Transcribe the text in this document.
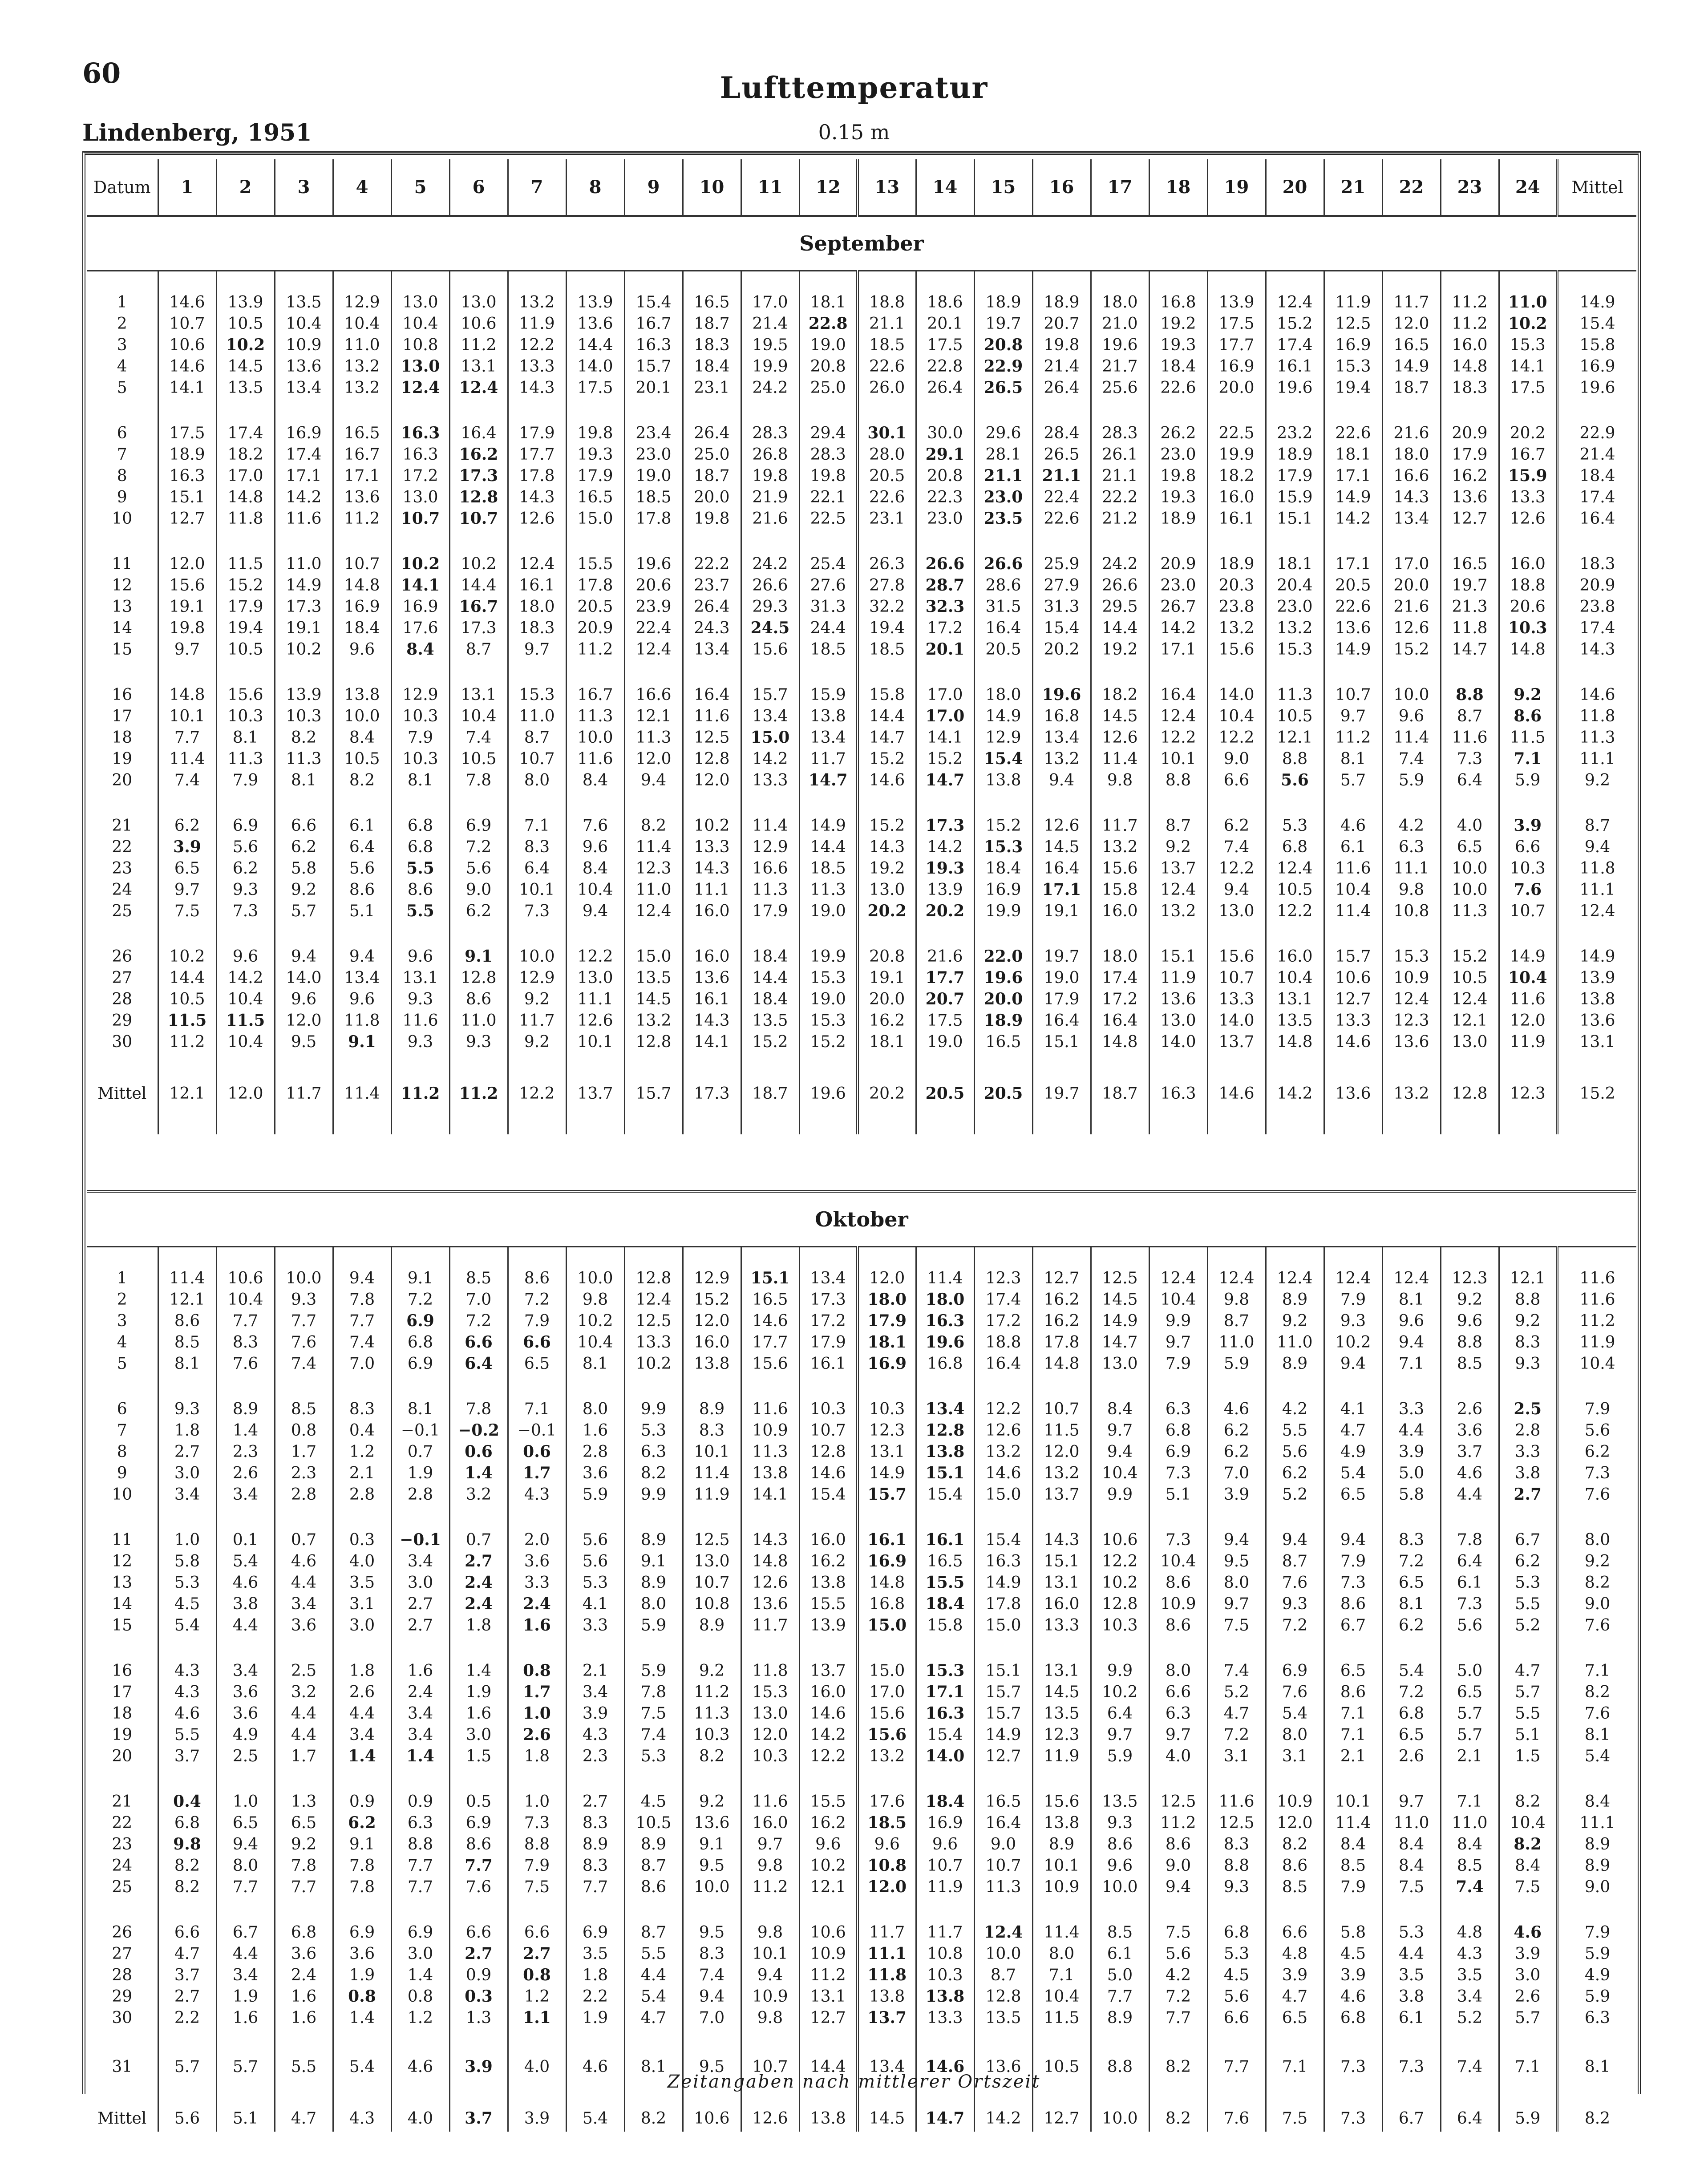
60	Lufttemperatur
Lindenberg, 1951	0.15 m
Datum	1	2	3	4	5	6	7	8	9	10	11	12	13	14	15	16	17	18	19	20	21	22	23	24	Mittel
September																									

1	14.6	13.9	13.5	12.9	13.0	13.0	13.2	13.9	15.4	16.5	17.0	18.1	18.8	18.6	18.9	18.9	18.0	16.8	13.9	12.4	11.9	11.7	11.2	11.0	14.9
2	10.7	10.5	10.4	10.4	10.4	10.6	11.9	13.6	16.7	18.7	21.4	22.8	21.1	20.1	19.7	20.7	21.0	19.2	17.5	15.2	12.5	12.0	11.2	10.2	15.4
3	10.6	10.2	10.9	11.0	10.8	11.2	12.2	14.4	16.3	18.3	19.5	19.0	18.5	17.5	20.8	19.8	19.6	19.3	17.7	17.4	16.9	16.5	16.0	15.3	15.8
4	14.6	14.5	13.6	13.2	13.0	13.1	13.3	14.0	15.7	18.4	19.9	20.8	22.6	22.8	22.9	21.4	21.7	18.4	16.9	16.1	15.3	14.9	14.8	14.1	16.9
5	14.1	13.5	13.4	13.2	12.4	12.4	14.3	17.5	20.1	23.1	24.2	25.0	26.0	26.4	26.5	26.4	25.6	22.6	20.0	19.6	19.4	18.7	18.3	17.5	19.6

6	17.5	17.4	16.9	16.5	16.3	16.4	17.9	19.8	23.4	26.4	28.3	29.4	30.1	30.0	29.6	28.4	28.3	26.2	22.5	23.2	22.6	21.6	20.9	20.2	22.9
7	18.9	18.2	17.4	16.7	16.3	16.2	17.7	19.3	23.0	25.0	26.8	28.3	28.0	29.1	28.1	26.5	26.1	23.0	19.9	18.9	18.1	18.0	17.9	16.7	21.4
8	16.3	17.0	17.1	17.1	17.2	17.3	17.8	17.9	19.0	18.7	19.8	19.8	20.5	20.8	21.1	21.1	21.1	19.8	18.2	17.9	17.1	16.6	16.2	15.9	18.4
9	15.1	14.8	14.2	13.6	13.0	12.8	14.3	16.5	18.5	20.0	21.9	22.1	22.6	22.3	23.0	22.4	22.2	19.3	16.0	15.9	14.9	14.3	13.6	13.3	17.4
10	12.7	11.8	11.6	11.2	10.7	10.7	12.6	15.0	17.8	19.8	21.6	22.5	23.1	23.0	23.5	22.6	21.2	18.9	16.1	15.1	14.2	13.4	12.7	12.6	16.4

11	12.0	11.5	11.0	10.7	10.2	10.2	12.4	15.5	19.6	22.2	24.2	25.4	26.3	26.6	26.6	25.9	24.2	20.9	18.9	18.1	17.1	17.0	16.5	16.0	18.3
12	15.6	15.2	14.9	14.8	14.1	14.4	16.1	17.8	20.6	23.7	26.6	27.6	27.8	28.7	28.6	27.9	26.6	23.0	20.3	20.4	20.5	20.0	19.7	18.8	20.9
13	19.1	17.9	17.3	16.9	16.9	16.7	18.0	20.5	23.9	26.4	29.3	31.3	32.2	32.3	31.5	31.3	29.5	26.7	23.8	23.0	22.6	21.6	21.3	20.6	23.8
14	19.8	19.4	19.1	18.4	17.6	17.3	18.3	20.9	22.4	24.3	24.5	24.4	19.4	17.2	16.4	15.4	14.4	14.2	13.2	13.2	13.6	12.6	11.8	10.3	17.4
15	9.7	10.5	10.2	9.6	8.4	8.7	9.7	11.2	12.4	13.4	15.6	18.5	18.5	20.1	20.5	20.2	19.2	17.1	15.6	15.3	14.9	15.2	14.7	14.8	14.3

16	14.8	15.6	13.9	13.8	12.9	13.1	15.3	16.7	16.6	16.4	15.7	15.9	15.8	17.0	18.0	19.6	18.2	16.4	14.0	11.3	10.7	10.0	8.8	9.2	14.6
17	10.1	10.3	10.3	10.0	10.3	10.4	11.0	11.3	12.1	11.6	13.4	13.8	14.4	17.0	14.9	16.8	14.5	12.4	10.4	10.5	9.7	9.6	8.7	8.6	11.8
18	7.7	8.1	8.2	8.4	7.9	7.4	8.7	10.0	11.3	12.5	15.0	13.4	14.7	14.1	12.9	13.4	12.6	12.2	12.2	12.1	11.2	11.4	11.6	11.5	11.3
19	11.4	11.3	11.3	10.5	10.3	10.5	10.7	11.6	12.0	12.8	14.2	11.7	15.2	15.2	15.4	13.2	11.4	10.1	9.0	8.8	8.1	7.4	7.3	7.1	11.1
20	7.4	7.9	8.1	8.2	8.1	7.8	8.0	8.4	9.4	12.0	13.3	14.7	14.6	14.7	13.8	9.4	9.8	8.8	6.6	5.6	5.7	5.9	6.4	5.9	9.2

21	6.2	6.9	6.6	6.1	6.8	6.9	7.1	7.6	8.2	10.2	11.4	14.9	15.2	17.3	15.2	12.6	11.7	8.7	6.2	5.3	4.6	4.2	4.0	3.9	8.7
22	3.9	5.6	6.2	6.4	6.8	7.2	8.3	9.6	11.4	13.3	12.9	14.4	14.3	14.2	15.3	14.5	13.2	9.2	7.4	6.8	6.1	6.3	6.5	6.6	9.4
23	6.5	6.2	5.8	5.6	5.5	5.6	6.4	8.4	12.3	14.3	16.6	18.5	19.2	19.3	18.4	16.4	15.6	13.7	12.2	12.4	11.6	11.1	10.0	10.3	11.8
24	9.7	9.3	9.2	8.6	8.6	9.0	10.1	10.4	11.0	11.1	11.3	11.3	13.0	13.9	16.9	17.1	15.8	12.4	9.4	10.5	10.4	9.8	10.0	7.6	11.1
25	7.5	7.3	5.7	5.1	5.5	6.2	7.3	9.4	12.4	16.0	17.9	19.0	20.2	20.2	19.9	19.1	16.0	13.2	13.0	12.2	11.4	10.8	11.3	10.7	12.4

26	10.2	9.6	9.4	9.4	9.6	9.1	10.0	12.2	15.0	16.0	18.4	19.9	20.8	21.6	22.0	19.7	18.0	15.1	15.6	16.0	15.7	15.3	15.2	14.9	14.9
27	14.4	14.2	14.0	13.4	13.1	12.8	12.9	13.0	13.5	13.6	14.4	15.3	19.1	17.7	19.6	19.0	17.4	11.9	10.7	10.4	10.6	10.9	10.5	10.4	13.9
28	10.5	10.4	9.6	9.6	9.3	8.6	9.2	11.1	14.5	16.1	18.4	19.0	20.0	20.7	20.0	17.9	17.2	13.6	13.3	13.1	12.7	12.4	12.4	11.6	13.8
29	11.5	11.5	12.0	11.8	11.6	11.0	11.7	12.6	13.2	14.3	13.5	15.3	16.2	17.5	18.9	16.4	16.4	13.0	14.0	13.5	13.3	12.3	12.1	12.0	13.6
30	11.2	10.4	9.5	9.1	9.3	9.3	9.2	10.1	12.8	14.1	15.2	15.2	18.1	19.0	16.5	15.1	14.8	14.0	13.7	14.8	14.6	13.6	13.0	11.9	13.1

Mittel	12.1	12.0	11.7	11.4	11.2	11.2	12.2	13.7	15.7	17.3	18.7	19.6	20.2	20.5	20.5	19.7	18.7	16.3	14.6	14.2	13.6	13.2	12.8	12.3	15.2

Oktober																									

1	11.4	10.6	10.0	9.4	9.1	8.5	8.6	10.0	12.8	12.9	15.1	13.4	12.0	11.4	12.3	12.7	12.5	12.4	12.4	12.4	12.4	12.4	12.3	12.1	11.6
2	12.1	10.4	9.3	7.8	7.2	7.0	7.2	9.8	12.4	15.2	16.5	17.3	18.0	18.0	17.4	16.2	14.5	10.4	9.8	8.9	7.9	8.1	9.2	8.8	11.6
3	8.6	7.7	7.7	7.7	6.9	7.2	7.9	10.2	12.5	12.0	14.6	17.2	17.9	16.3	17.2	16.2	14.9	9.9	8.7	9.2	9.3	9.6	9.6	9.2	11.2
4	8.5	8.3	7.6	7.4	6.8	6.6	6.6	10.4	13.3	16.0	17.7	17.9	18.1	19.6	18.8	17.8	14.7	9.7	11.0	11.0	10.2	9.4	8.8	8.3	11.9
5	8.1	7.6	7.4	7.0	6.9	6.4	6.5	8.1	10.2	13.8	15.6	16.1	16.9	16.8	16.4	14.8	13.0	7.9	5.9	8.9	9.4	7.1	8.5	9.3	10.4

6	9.3	8.9	8.5	8.3	8.1	7.8	7.1	8.0	9.9	8.9	11.6	10.3	10.3	13.4	12.2	10.7	8.4	6.3	4.6	4.2	4.1	3.3	2.6	2.5	7.9
7	1.8	1.4	0.8	0.4	−0.1	−0.2	−0.1	1.6	5.3	8.3	10.9	10.7	12.3	12.8	12.6	11.5	9.7	6.8	6.2	5.5	4.7	4.4	3.6	2.8	5.6
8	2.7	2.3	1.7	1.2	0.7	0.6	0.6	2.8	6.3	10.1	11.3	12.8	13.1	13.8	13.2	12.0	9.4	6.9	6.2	5.6	4.9	3.9	3.7	3.3	6.2
9	3.0	2.6	2.3	2.1	1.9	1.4	1.7	3.6	8.2	11.4	13.8	14.6	14.9	15.1	14.6	13.2	10.4	7.3	7.0	6.2	5.4	5.0	4.6	3.8	7.3
10	3.4	3.4	2.8	2.8	2.8	3.2	4.3	5.9	9.9	11.9	14.1	15.4	15.7	15.4	15.0	13.7	9.9	5.1	3.9	5.2	6.5	5.8	4.4	2.7	7.6

11	1.0	0.1	0.7	0.3	−0.1	0.7	2.0	5.6	8.9	12.5	14.3	16.0	16.1	16.1	15.4	14.3	10.6	7.3	9.4	9.4	9.4	8.3	7.8	6.7	8.0
12	5.8	5.4	4.6	4.0	3.4	2.7	3.6	5.6	9.1	13.0	14.8	16.2	16.9	16.5	16.3	15.1	12.2	10.4	9.5	8.7	7.9	7.2	6.4	6.2	9.2
13	5.3	4.6	4.4	3.5	3.0	2.4	3.3	5.3	8.9	10.7	12.6	13.8	14.8	15.5	14.9	13.1	10.2	8.6	8.0	7.6	7.3	6.5	6.1	5.3	8.2
14	4.5	3.8	3.4	3.1	2.7	2.4	2.4	4.1	8.0	10.8	13.6	15.5	16.8	18.4	17.8	16.0	12.8	10.9	9.7	9.3	8.6	8.1	7.3	5.5	9.0
15	5.4	4.4	3.6	3.0	2.7	1.8	1.6	3.3	5.9	8.9	11.7	13.9	15.0	15.8	15.0	13.3	10.3	8.6	7.5	7.2	6.7	6.2	5.6	5.2	7.6

16	4.3	3.4	2.5	1.8	1.6	1.4	0.8	2.1	5.9	9.2	11.8	13.7	15.0	15.3	15.1	13.1	9.9	8.0	7.4	6.9	6.5	5.4	5.0	4.7	7.1
17	4.3	3.6	3.2	2.6	2.4	1.9	1.7	3.4	7.8	11.2	15.3	16.0	17.0	17.1	15.7	14.5	10.2	6.6	5.2	7.6	8.6	7.2	6.5	5.7	8.2
18	4.6	3.6	4.4	4.4	3.4	1.6	1.0	3.9	7.5	11.3	13.0	14.6	15.6	16.3	15.7	13.5	6.4	6.3	4.7	5.4	7.1	6.8	5.7	5.5	7.6
19	5.5	4.9	4.4	3.4	3.4	3.0	2.6	4.3	7.4	10.3	12.0	14.2	15.6	15.4	14.9	12.3	9.7	9.7	7.2	8.0	7.1	6.5	5.7	5.1	8.1
20	3.7	2.5	1.7	1.4	1.4	1.5	1.8	2.3	5.3	8.2	10.3	12.2	13.2	14.0	12.7	11.9	5.9	4.0	3.1	3.1	2.1	2.6	2.1	1.5	5.4

21	0.4	1.0	1.3	0.9	0.9	0.5	1.0	2.7	4.5	9.2	11.6	15.5	17.6	18.4	16.5	15.6	13.5	12.5	11.6	10.9	10.1	9.7	7.1	8.2	8.4
22	6.8	6.5	6.5	6.2	6.3	6.9	7.3	8.3	10.5	13.6	16.0	16.2	18.5	16.9	16.4	13.8	9.3	11.2	12.5	12.0	11.4	11.0	11.0	10.4	11.1
23	9.8	9.4	9.2	9.1	8.8	8.6	8.8	8.9	8.9	9.1	9.7	9.6	9.6	9.6	9.0	8.9	8.6	8.6	8.3	8.2	8.4	8.4	8.4	8.2	8.9
24	8.2	8.0	7.8	7.8	7.7	7.7	7.9	8.3	8.7	9.5	9.8	10.2	10.8	10.7	10.7	10.1	9.6	9.0	8.8	8.6	8.5	8.4	8.5	8.4	8.9
25	8.2	7.7	7.7	7.8	7.7	7.6	7.5	7.7	8.6	10.0	11.2	12.1	12.0	11.9	11.3	10.9	10.0	9.4	9.3	8.5	7.9	7.5	7.4	7.5	9.0

26	6.6	6.7	6.8	6.9	6.9	6.6	6.6	6.9	8.7	9.5	9.8	10.6	11.7	11.7	12.4	11.4	8.5	7.5	6.8	6.6	5.8	5.3	4.8	4.6	7.9
27	4.7	4.4	3.6	3.6	3.0	2.7	2.7	3.5	5.5	8.3	10.1	10.9	11.1	10.8	10.0	8.0	6.1	5.6	5.3	4.8	4.5	4.4	4.3	3.9	5.9
28	3.7	3.4	2.4	1.9	1.4	0.9	0.8	1.8	4.4	7.4	9.4	11.2	11.8	10.3	8.7	7.1	5.0	4.2	4.5	3.9	3.9	3.5	3.5	3.0	4.9
29	2.7	1.9	1.6	0.8	0.8	0.3	1.2	2.2	5.4	9.4	10.9	13.1	13.8	13.8	12.8	10.4	7.7	7.2	5.6	4.7	4.6	3.8	3.4	2.6	5.9
30	2.2	1.6	1.6	1.4	1.2	1.3	1.1	1.9	4.7	7.0	9.8	12.7	13.7	13.3	13.5	11.5	8.9	7.7	6.6	6.5	6.8	6.1	5.2	5.7	6.3

31	5.7	5.7	5.5	5.4	4.6	3.9	4.0	4.6	8.1	9.5	10.7	14.4	13.4	14.6	13.6	10.5	8.8	8.2	7.7	7.1	7.3	7.3	7.4	7.1	8.1

Mittel	5.6	5.1	4.7	4.3	4.0	3.7	3.9	5.4	8.2	10.6	12.6	13.8	14.5	14.7	14.2	12.7	10.0	8.2	7.6	7.5	7.3	6.7	6.4	5.9	8.2
Zeitangaben nach mittlerer Ortszeit
